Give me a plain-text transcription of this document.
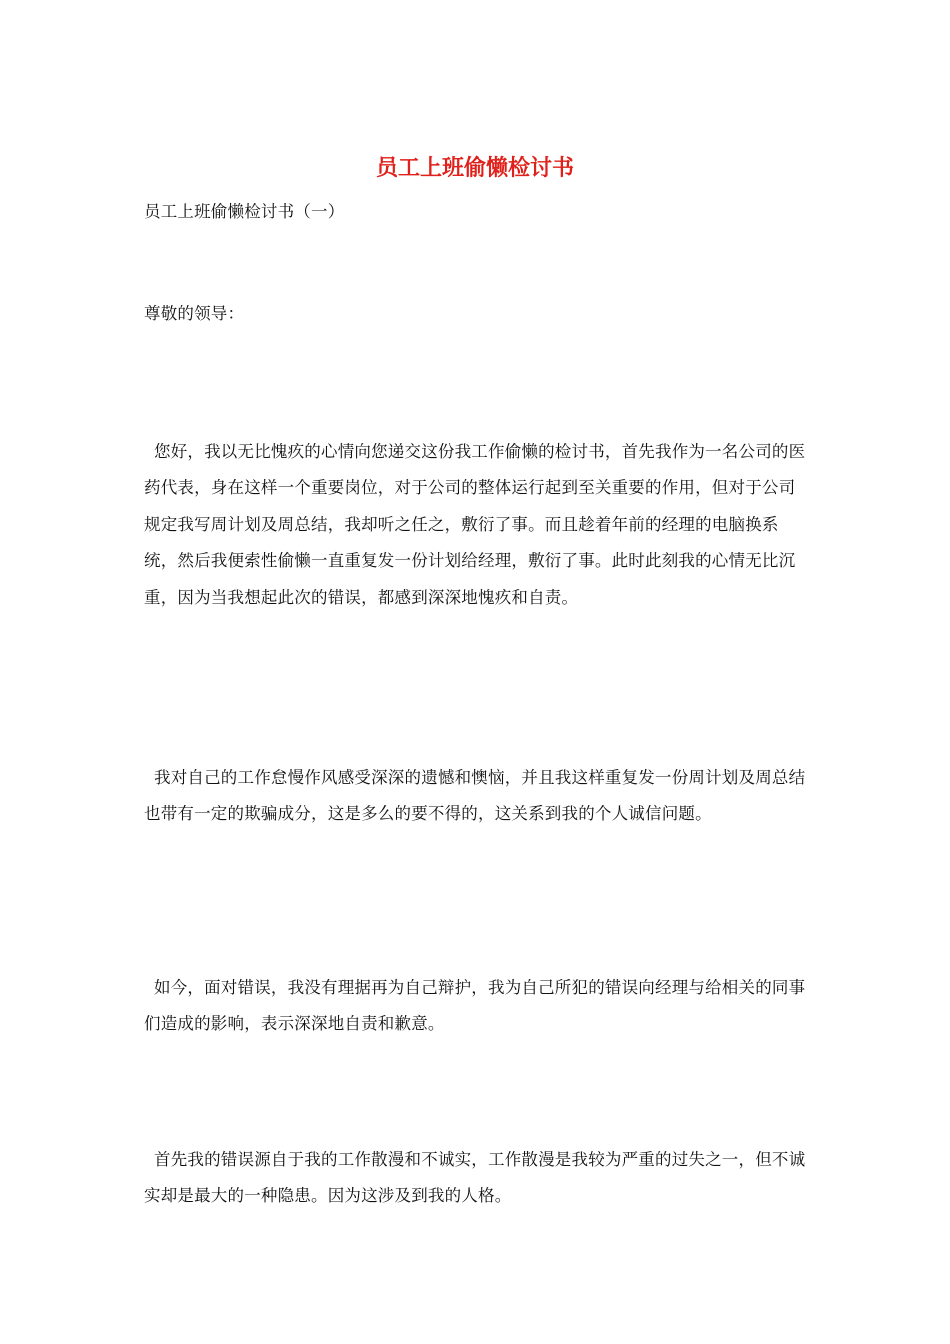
员工上班偷懒检讨书

员工上班偷懒检讨书（一）

尊敬的领导：

您好，我以无比愧疚的心情向您递交这份我工作偷懒的检讨书，首先我作为一名公司的医药代表，身在这样一个重要岗位，对于公司的整体运行起到至关重要的作用，但对于公司规定我写周计划及周总结，我却听之任之，敷衍了事。而且趁着年前的经理的电脑换系统，然后我便索性偷懒一直重复发一份计划给经理，敷衍了事。此时此刻我的心情无比沉重，因为当我想起此次的错误，都感到深深地愧疚和自责。

我对自己的工作怠慢作风感受深深的遗憾和懊恼，并且我这样重复发一份周计划及周总结也带有一定的欺骗成分，这是多么的要不得的，这关系到我的个人诚信问题。

如今，面对错误，我没有理据再为自己辩护，我为自己所犯的错误向经理与给相关的同事们造成的影响，表示深深地自责和歉意。

首先我的错误源自于我的工作散漫和不诚实，工作散漫是我较为严重的过失之一，但不诚实却是最大的一种隐患。因为这涉及到我的人格。
